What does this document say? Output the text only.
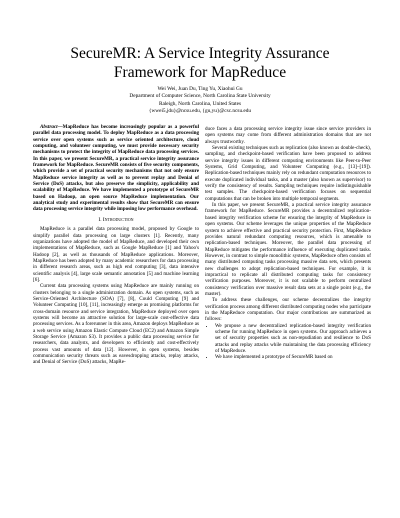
SecureMR: A Service Integrity Assurance
Framework for MapReduce
Wei Wei, Juan Du, Ting Yu, Xiaohui Gu
Department of Computer Science, North Carolina State University
Raleigh, North Carolina, United States
{wwei5,jdu}@ncsu.edu, {gu,yu}@csc.ncsu.edu

Abstract—MapReduce has become increasingly popular as a powerful parallel data processing model. To deploy MapReduce as a data processing service over open systems such as service oriented architecture, cloud computing, and volunteer computing, we must provide necessary security mechanisms to protect the integrity of MapReduce data processing services. In this paper, we present SecureMR, a practical service integrity assurance framework for MapReduce. SecureMR consists of five security components, which provide a set of practical security mechanisms that not only ensure MapReduce service integrity as well as to prevent replay and Denial of Service (DoS) attacks, but also preserve the simplicity, applicability and scalability of MapReduce. We have implemented a prototype of SecureMR based on Hadoop, an open source MapReduce implementation. Our analytical study and experimental results show that SecureMR can ensure data processing service integrity while imposing low performance overhead.

I. Introduction

MapReduce is a parallel data processing model, proposed by Google to simplify parallel data processing on large clusters [1]. Recently, many organizations have adopted the model of MapReduce, and developed their own implementations of MapReduce, such as Google MapReduce [1] and Yahoo's Hadoop [2], as well as thousands of MapReduce applications. Moreover, MapReduce has been adopted by many academic researchers for data processing in different research areas, such as high end computing [3], data intensive scientific analysis [4], large scale semantic annotation [5] and machine learning [6].

Current data processing systems using MapReduce are mainly running on clusters belonging to a single administration domain. As open systems, such as Service-Oriented Architecture (SOA) [7], [8], Could Computing [9] and Volunteer Computing [10], [11], increasingly emerge as promising platforms for cross-domain resource and service integration, MapReduce deployed over open systems will become an attractive solution for large-scale cost-effective data processing services. As a forerunner in this area, Amazon deploys MapReduce as a web service using Amazon Elastic Compute Cloud (EC2) and Amazon Simple Storage Service (Amazon S3). It provides a public data processing service for researchers, data analysts, and developers to efficiently and cost-effectively process vast amounts of data [12]. However, in open systems, besides communication security threats such as eavesdropping attacks, replay attacks, and Denial of Service (DoS) attacks, MapRe-

duce faces a data processing service integrity issue since service providers in open systems may come from different administration domains that are not always trustworthy.

Several existing techniques such as replication (also known as double-check), sampling, and checkpoint-based verification have been proposed to address service integrity issues in different computing environments like Peer-to-Peer Systems, Grid Computing, and Volunteer Computing (e.g., [13]–[19]). Replication-based techniques mainly rely on redundant computation resources to execute duplicated individual tasks, and a master (also known as supervisor) to verify the consistency of results. Sampling techniques require indistinguishable test samples. The checkpoint-based verification focuses on sequential computations that can be broken into multiple temporal segments.

In this paper, we present SecureMR, a practical service integrity assurance framework for MapReduce. SecureMR provides a decentralized replication-based integrity verification scheme for ensuring the integrity of MapReduce in open systems. Our scheme leverages the unique properties of the MapReduce system to achieve effective and practical security protection. First, MapReduce provides natural redundant computing resources, which is amenable to replication-based techniques. Moreover, the parallel data processing of MapReduce mitigates the performance influence of executing duplicated tasks. However, in contrast to simple monolithic systems, MapReduce often consists of many distributed computing tasks processing massive data sets, which presents new challenges to adopt replication-based techniques. For example, it is impractical to replicate all distributed computing tasks for consistency verification purposes. Moreover, it is not scalable to perform centralized consistency verification over massive result data sets at a single point (e.g., the master).

To address these challenges, our scheme decentralizes the integrity verification process among different distributed computing nodes who participate in the MapReduce computation. Our major contributions are summarized as follows:

• We propose a new decentralized replication-based integrity verification scheme for running MapReduce in open systems. Our approach achieves a set of security properties such as non-repudiation and resilience to DoS attacks and replay attacks while maintaining the data processing efficiency of MapReduce.
• We have implemented a prototype of SecureMR based on
